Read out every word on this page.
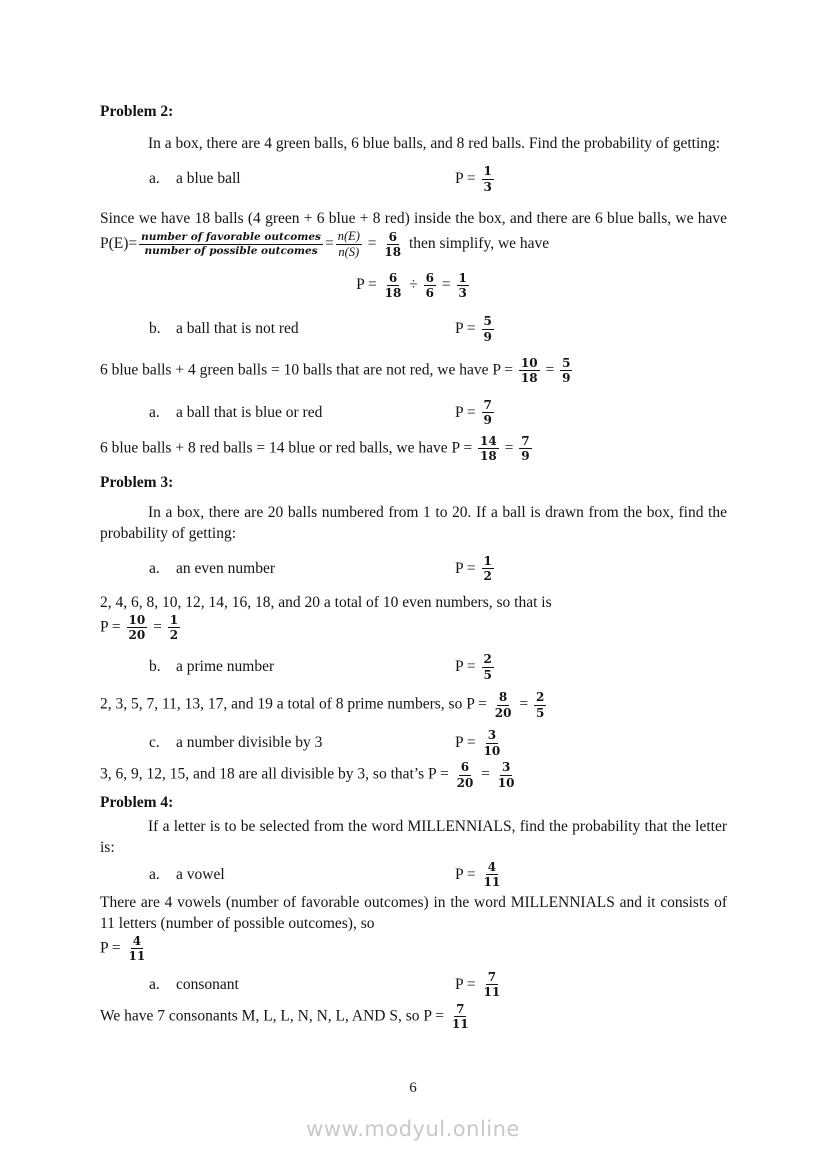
Problem 2:
In a box, there are 4 green balls, 6 blue balls, and 8 red balls. Find the probability of getting:
a.	a blue ball	$P = \frac{1}{3}$
Since we have 18 balls (4 green + 6 blue + 8 red) inside the box, and there are 6 blue balls, we have $P(E)= \frac{\text{number of favorable outcomes}}{\text{number of possible outcomes}} = \frac{n(E)}{n(S)} = \frac{6}{18}$ then simplify, we have
$P = \frac{6}{18} \div \frac{6}{6} = \frac{1}{3}$
b. a ball that is not red	$P = \frac{5}{9}$
6 blue balls + 4 green balls = 10 balls that are not red, we have $P = \frac{10}{18} = \frac{5}{9}$
a.	a ball that is blue or red	$P = \frac{7}{9}$
6 blue balls + 8 red balls = 14 blue or red balls, we have $P = \frac{14}{18} = \frac{7}{9}$
Problem 3:
In a box, there are 20 balls numbered from 1 to 20. If a ball is drawn from the box, find the probability of getting:
a.	an even number	$P = \frac{1}{2}$
2, 4, 6, 8, 10, 12, 14, 16, 18, and 20 a total of 10 even numbers, so that is
$P = \frac{10}{20} = \frac{1}{2}$
b. a prime number	$P = \frac{2}{5}$
2, 3, 5, 7, 11, 13, 17, and 19 a total of 8 prime numbers, so $P = \frac{8}{20} = \frac{2}{5}$
c.	a number divisible by 3	$P = \frac{3}{10}$
3, 6, 9, 12, 15, and 18 are all divisible by 3, so that’s $P = \frac{6}{20} = \frac{3}{10}$
Problem 4:
If a letter is to be selected from the word MILLENNIALS, find the probability that the letter is:
a.	a vowel	$P = \frac{4}{11}$
There are 4 vowels (number of favorable outcomes) in the word MILLENNIALS and it consists of 11 letters (number of possible outcomes), so
$P = \frac{4}{11}$
a.	consonant	$P = \frac{7}{11}$
We have 7 consonants M, L, L, N, N, L, AND S, so $P = \frac{7}{11}$
6
www.modyul.online
